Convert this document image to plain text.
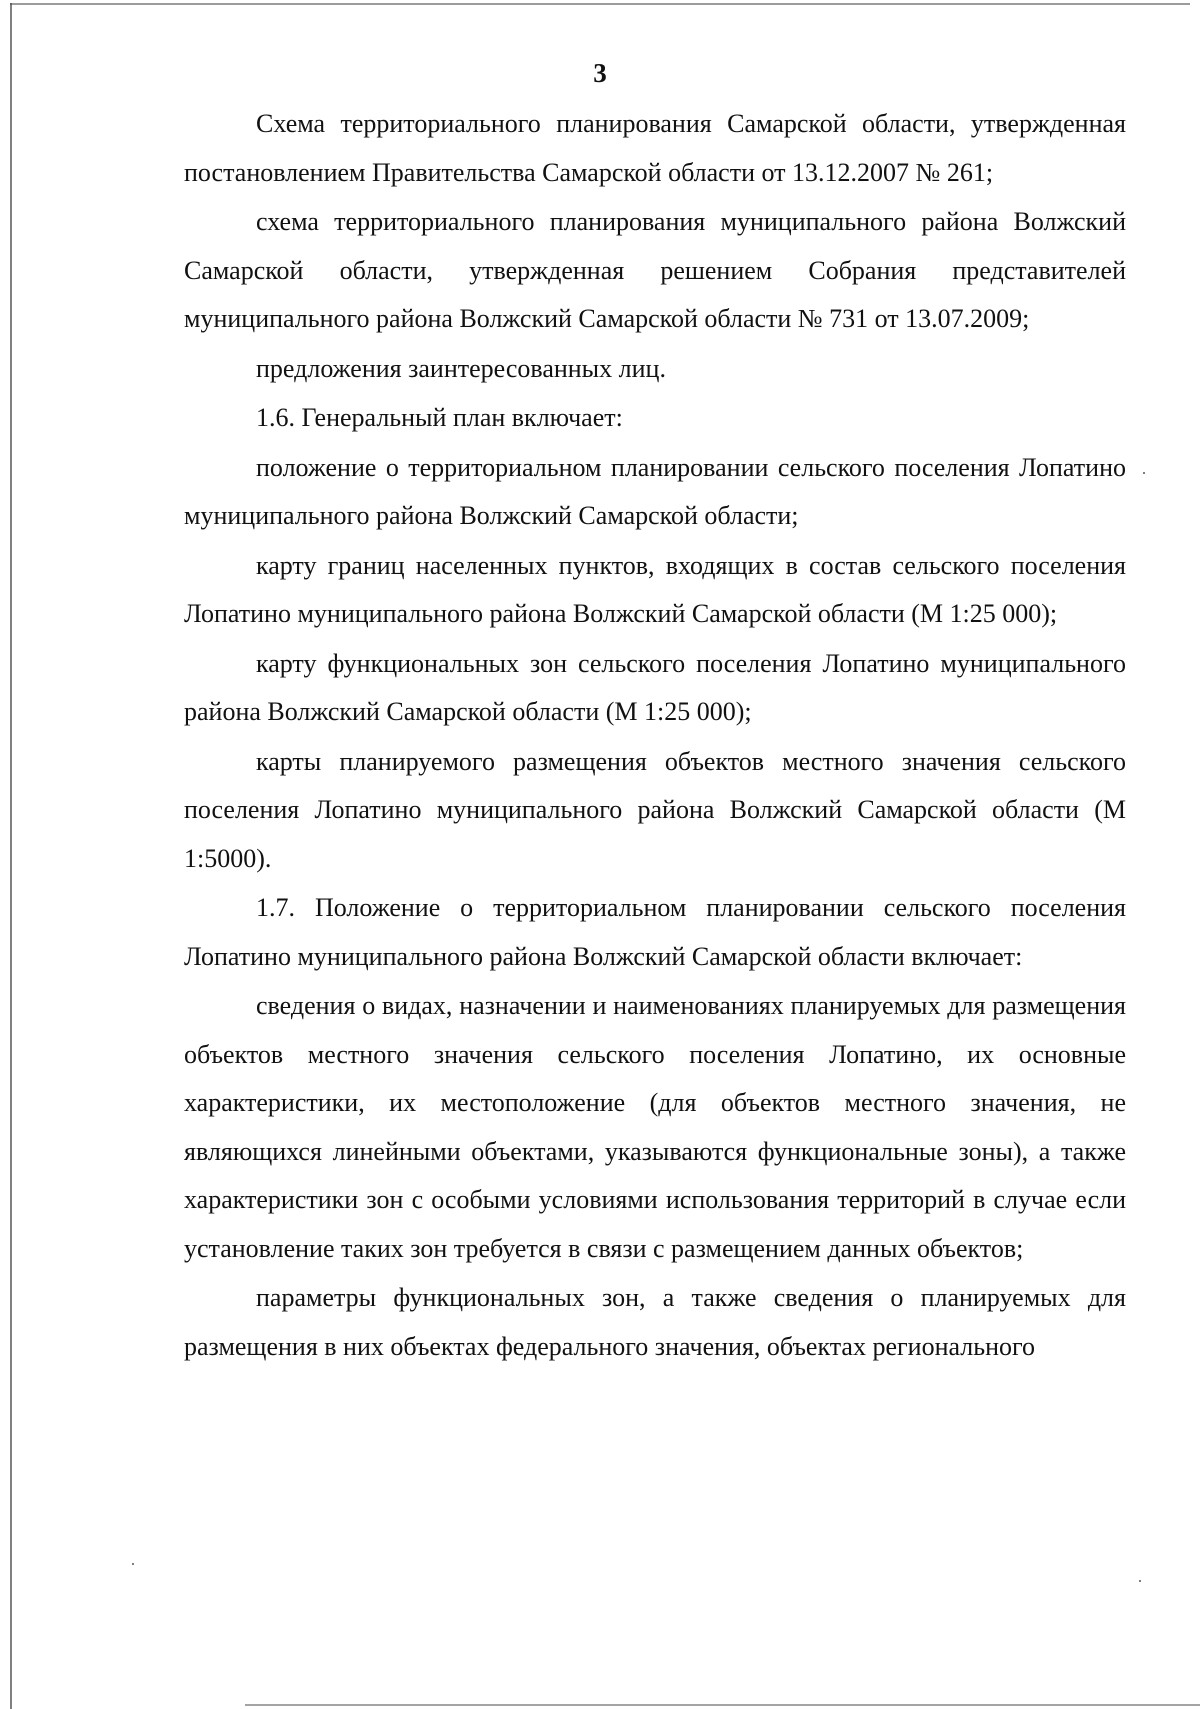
3

Схема территориального планирования Самарской области, утвержденная постановлением Правительства Самарской области от 13.12.2007 № 261;

схема территориального планирования муниципального района Волжский Самарской области, утвержденная решением Собрания представителей муниципального района Волжский Самарской области № 731 от 13.07.2009;

предложения заинтересованных лиц.

1.6. Генеральный план включает:

положение о территориальном планировании сельского поселения Лопатино муниципального района Волжский Самарской области;

карту границ населенных пунктов, входящих в состав сельского поселения Лопатино муниципального района Волжский Самарской области (М 1:25 000);

карту функциональных зон сельского поселения Лопатино муниципального района Волжский Самарской области (М 1:25 000);

карты планируемого размещения объектов местного значения сельского поселения Лопатино муниципального района Волжский Самарской области (М 1:5000).

1.7. Положение о территориальном планировании сельского поселения Лопатино муниципального района Волжский Самарской области включает:

сведения о видах, назначении и наименованиях планируемых для размещения объектов местного значения сельского поселения Лопатино, их основные характеристики, их местоположение (для объектов местного значения, не являющихся линейными объектами, указываются функциональные зоны), а также характеристики зон с особыми условиями использования территорий в случае если установление таких зон требуется в связи с размещением данных объектов;

параметры функциональных зон, а также сведения о планируемых для размещения в них объектах федерального значения, объектах регионального
